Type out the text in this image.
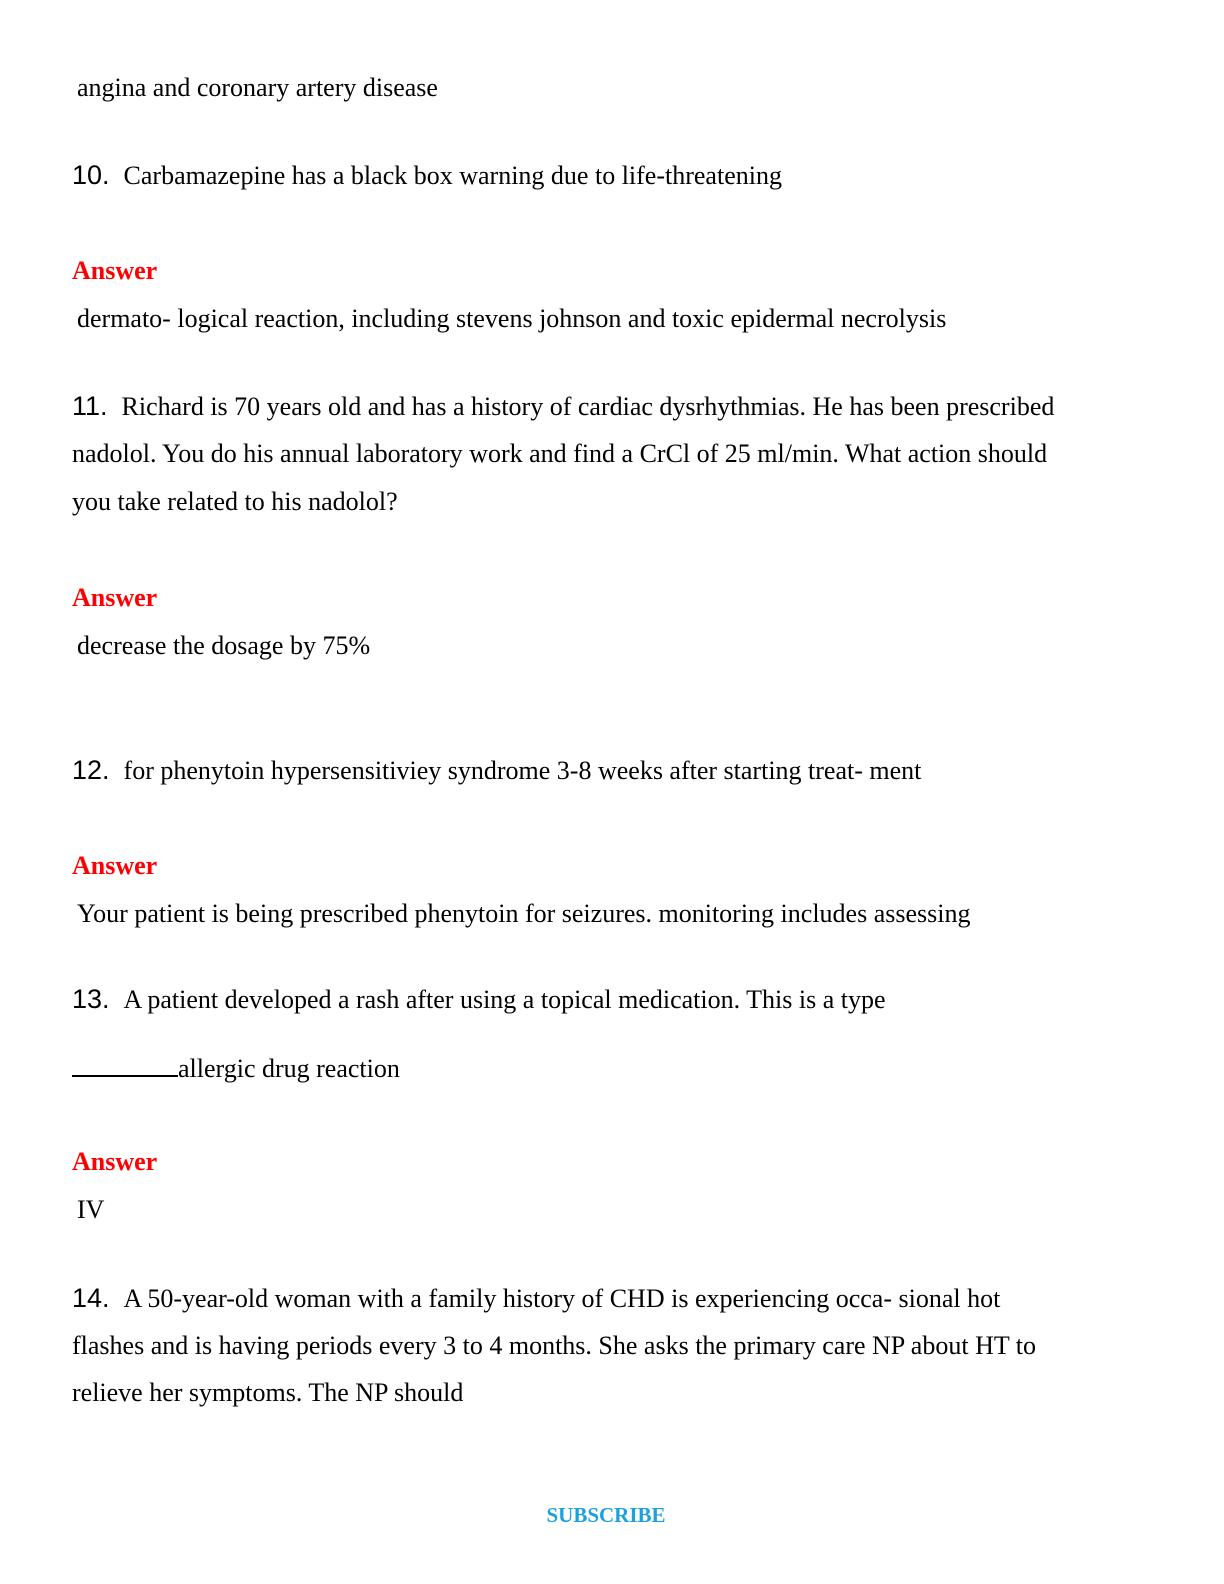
angina and coronary artery disease
10. Carbamazepine has a black box warning due to life-threatening
Answer
dermato- logical reaction, including stevens johnson and toxic epidermal necrolysis
11. Richard is 70 years old and has a history of cardiac dysrhythmias. He has been prescribed
nadolol. You do his annual laboratory work and find a CrCl of 25 ml/min. What action should
you take related to his nadolol?
Answer
decrease the dosage by 75%
12. for phenytoin hypersensitiviey syndrome 3-8 weeks after starting treat- ment
Answer
Your patient is being prescribed phenytoin for seizures. monitoring includes assessing
13. A patient developed a rash after using a topical medication. This is a type
allergic drug reaction
Answer
IV
14. A 50-year-old woman with a family history of CHD is experiencing occa- sional hot
flashes and is having periods every 3 to 4 months. She asks the primary care NP about HT to
relieve her symptoms. The NP should
SUBSCRIBE
